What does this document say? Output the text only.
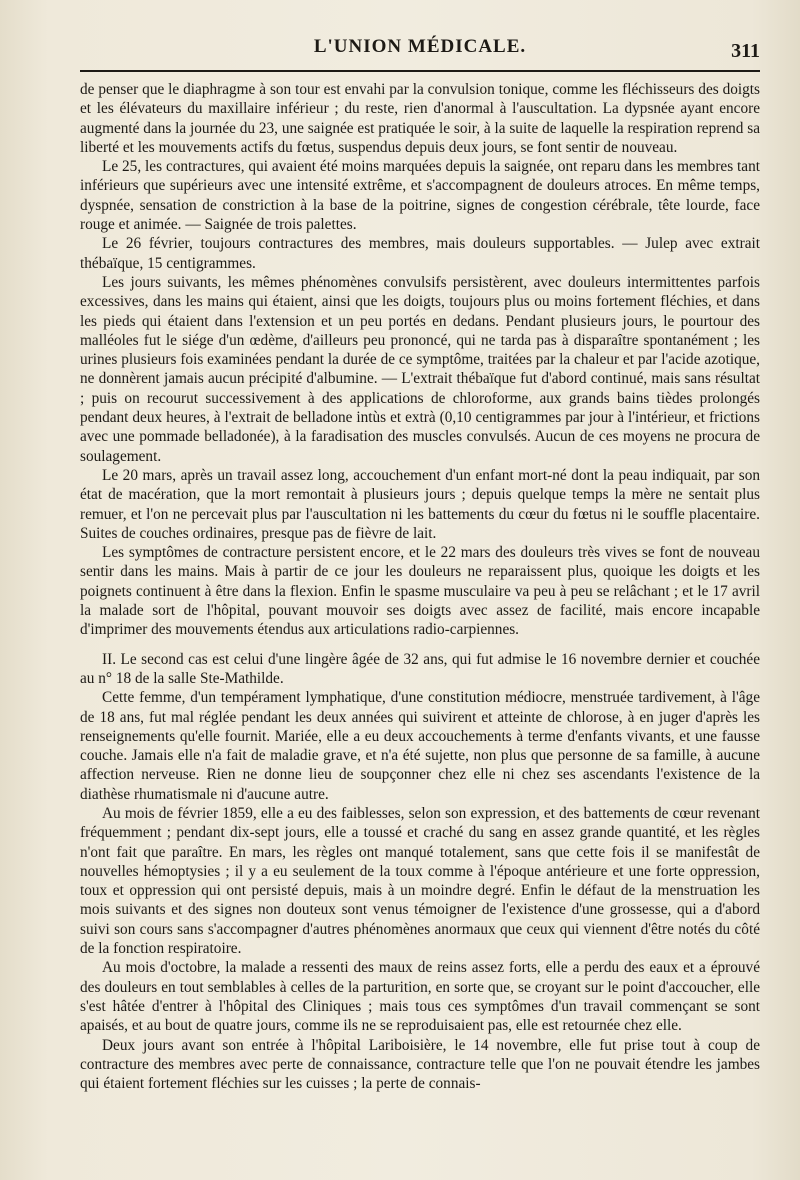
L'UNION MÉDICALE.	311

de penser que le diaphragme à son tour est envahi par la convulsion tonique, comme les fléchisseurs des doigts et les élévateurs du maxillaire inférieur ; du reste, rien d'anormal à l'auscultation. La dypsnée ayant encore augmenté dans la journée du 23, une saignée est pratiquée le soir, à la suite de laquelle la respiration reprend sa liberté et les mouvements actifs du fœtus, suspendus depuis deux jours, se font sentir de nouveau.

Le 25, les contractures, qui avaient été moins marquées depuis la saignée, ont reparu dans les membres tant inférieurs que supérieurs avec une intensité extrême, et s'accompagnent de douleurs atroces. En même temps, dyspnée, sensation de constriction à la base de la poitrine, signes de congestion cérébrale, tête lourde, face rouge et animée. — Saignée de trois palettes.

Le 26 février, toujours contractures des membres, mais douleurs supportables. — Julep avec extrait thébaïque, 15 centigrammes.

Les jours suivants, les mêmes phénomènes convulsifs persistèrent, avec douleurs intermittentes parfois excessives, dans les mains qui étaient, ainsi que les doigts, toujours plus ou moins fortement fléchies, et dans les pieds qui étaient dans l'extension et un peu portés en dedans. Pendant plusieurs jours, le pourtour des malléoles fut le siége d'un œdème, d'ailleurs peu prononcé, qui ne tarda pas à disparaître spontanément ; les urines plusieurs fois examinées pendant la durée de ce symptôme, traitées par la chaleur et par l'acide azotique, ne donnèrent jamais aucun précipité d'albumine. — L'extrait thébaïque fut d'abord continué, mais sans résultat ; puis on recourut successivement à des applications de chloroforme, aux grands bains tièdes prolongés pendant deux heures, à l'extrait de belladone intùs et extrà (0,10 centigrammes par jour à l'intérieur, et frictions avec une pommade belladonée), à la faradisation des muscles convulsés. Aucun de ces moyens ne procura de soulagement.

Le 20 mars, après un travail assez long, accouchement d'un enfant mort-né dont la peau indiquait, par son état de macération, que la mort remontait à plusieurs jours ; depuis quelque temps la mère ne sentait plus remuer, et l'on ne percevait plus par l'auscultation ni les battements du cœur du fœtus ni le souffle placentaire. Suites de couches ordinaires, presque pas de fièvre de lait.

Les symptômes de contracture persistent encore, et le 22 mars des douleurs très vives se font de nouveau sentir dans les mains. Mais à partir de ce jour les douleurs ne reparaissent plus, quoique les doigts et les poignets continuent à être dans la flexion. Enfin le spasme musculaire va peu à peu se relâchant ; et le 17 avril la malade sort de l'hôpital, pouvant mouvoir ses doigts avec assez de facilité, mais encore incapable d'imprimer des mouvements étendus aux articulations radio-carpiennes.

II. Le second cas est celui d'une lingère âgée de 32 ans, qui fut admise le 16 novembre dernier et couchée au n° 18 de la salle Ste-Mathilde.

Cette femme, d'un tempérament lymphatique, d'une constitution médiocre, menstruée tardivement, à l'âge de 18 ans, fut mal réglée pendant les deux années qui suivirent et atteinte de chlorose, à en juger d'après les renseignements qu'elle fournit. Mariée, elle a eu deux accouchements à terme d'enfants vivants, et une fausse couche. Jamais elle n'a fait de maladie grave, et n'a été sujette, non plus que personne de sa famille, à aucune affection nerveuse. Rien ne donne lieu de soupçonner chez elle ni chez ses ascendants l'existence de la diathèse rhumatismale ni d'aucune autre.

Au mois de février 1859, elle a eu des faiblesses, selon son expression, et des battements de cœur revenant fréquemment ; pendant dix-sept jours, elle a toussé et craché du sang en assez grande quantité, et les règles n'ont fait que paraître. En mars, les règles ont manqué totalement, sans que cette fois il se manifestât de nouvelles hémoptysies ; il y a eu seulement de la toux comme à l'époque antérieure et une forte oppression, toux et oppression qui ont persisté depuis, mais à un moindre degré. Enfin le défaut de la menstruation les mois suivants et des signes non douteux sont venus témoigner de l'existence d'une grossesse, qui a d'abord suivi son cours sans s'accompagner d'autres phénomènes anormaux que ceux qui viennent d'être notés du côté de la fonction respiratoire.

Au mois d'octobre, la malade a ressenti des maux de reins assez forts, elle a perdu des eaux et a éprouvé des douleurs en tout semblables à celles de la parturition, en sorte que, se croyant sur le point d'accoucher, elle s'est hâtée d'entrer à l'hôpital des Cliniques ; mais tous ces symptômes d'un travail commençant se sont apaisés, et au bout de quatre jours, comme ils ne se reproduisaient pas, elle est retournée chez elle.

Deux jours avant son entrée à l'hôpital Lariboisière, le 14 novembre, elle fut prise tout à coup de contracture des membres avec perte de connaissance, contracture telle que l'on ne pouvait étendre les jambes qui étaient fortement fléchies sur les cuisses ; la perte de connais-
